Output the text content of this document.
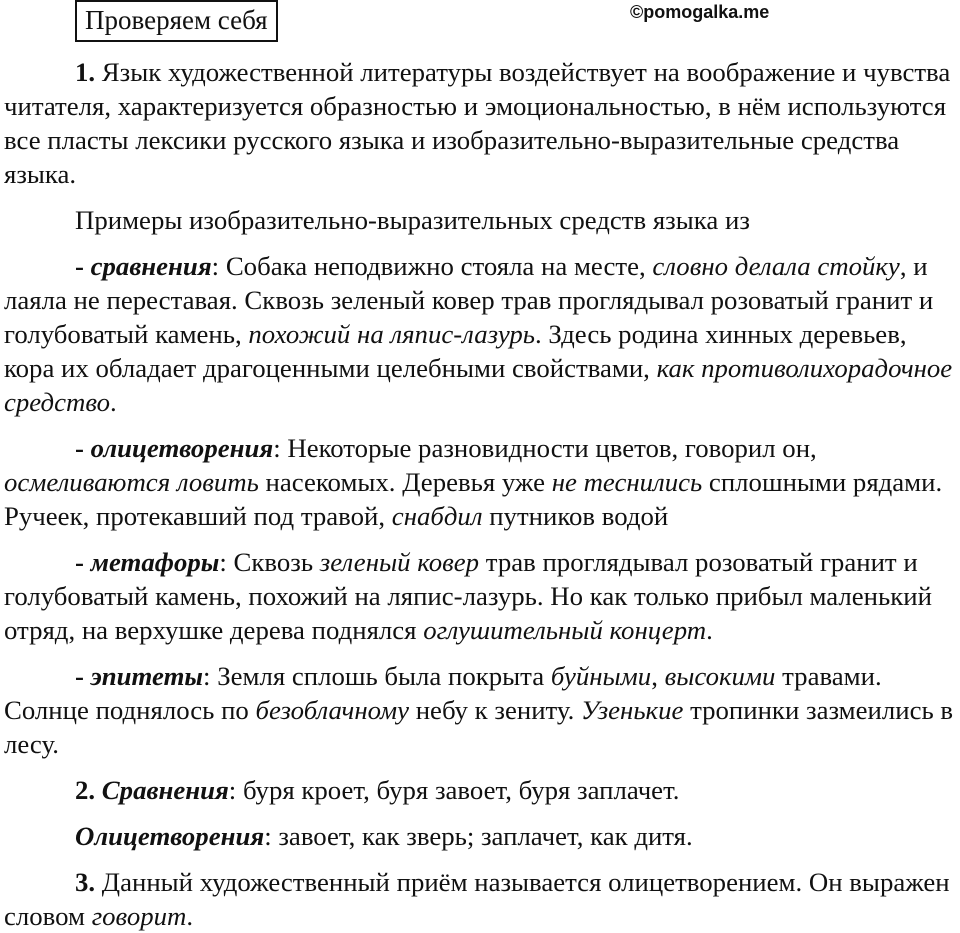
Проверяем себя	©pomogalka.me

1. Язык художественной литературы воздействует на воображение и чувства читателя, характеризуется образностью и эмоциональностью, в нём используются все пласты лексики русского языка и изобразительно-выразительные средства языка.

Примеры изобразительно-выразительных средств языка из

- сравнения: Собака неподвижно стояла на месте, словно делала стойку, и лаяла не переставая. Сквозь зеленый ковер трав проглядывал розоватый гранит и голубоватый камень, похожий на ляпис-лазурь. Здесь родина хинных деревьев, кора их обладает драгоценными целебными свойствами, как противолихорадочное средство.

- олицетворения: Некоторые разновидности цветов, говорил он, осмеливаются ловить насекомых. Деревья уже не теснились сплошными рядами. Ручеек, протекавший под травой, снабдил путников водой

- метафоры: Сквозь зеленый ковер трав проглядывал розоватый гранит и голубоватый камень, похожий на ляпис-лазурь. Но как только прибыл маленький отряд, на верхушке дерева поднялся оглушительный концерт.

- эпитеты: Земля сплошь была покрыта буйными, высокими травами. Солнце поднялось по безоблачному небу к зениту. Узенькие тропинки зазмеились в лесу.

2. Сравнения: буря кроет, буря завоет, буря заплачет.

Олицетворения: завоет, как зверь; заплачет, как дитя.

3. Данный художественный приём называется олицетворением. Он выражен словом говорит.
